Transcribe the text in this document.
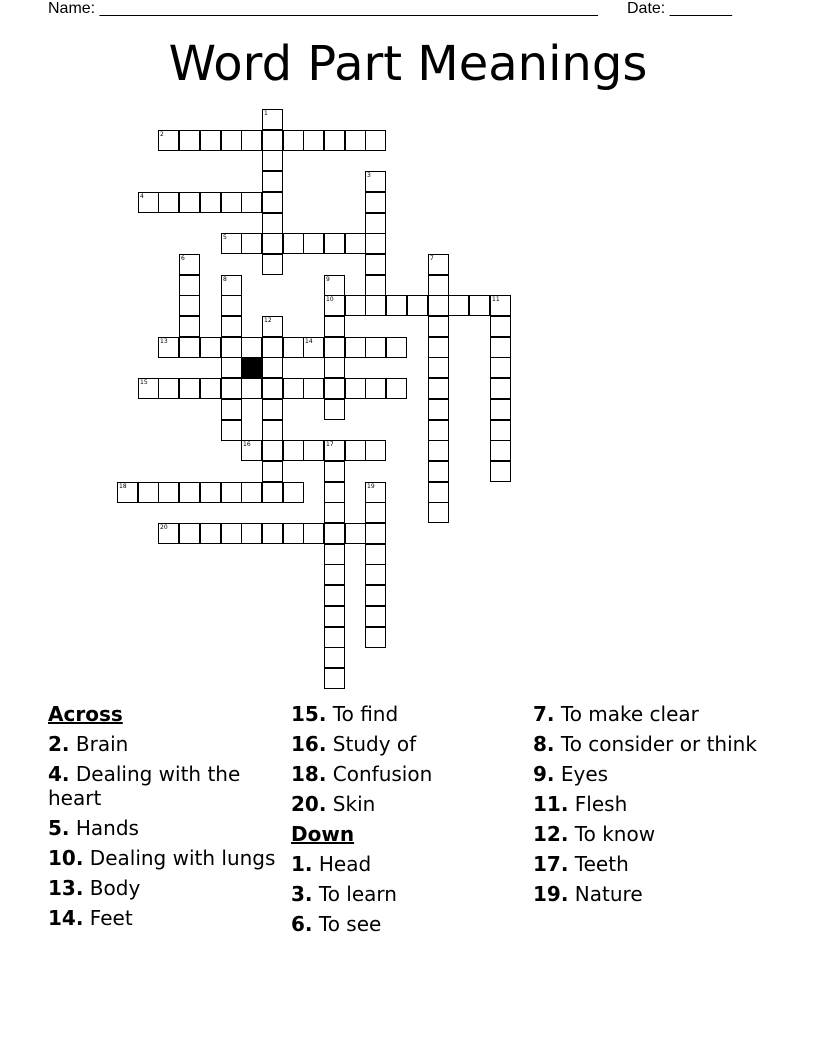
Name: ________________________________________________________ Date: _______
Word Part Meanings
2
4
5
10	11
13	14
15
16	17
18
20
1
3
6	7
8	9
12
19
Across
2. Brain
4. Dealing with the heart
5. Hands
10. Dealing with lungs
13. Body
14. Feet
15. To find
16. Study of
18. Confusion
20. Skin
Down
1. Head
3. To learn
6. To see
7. To make clear
8. To consider or think
9. Eyes
11. Flesh
12. To know
17. Teeth
19. Nature
